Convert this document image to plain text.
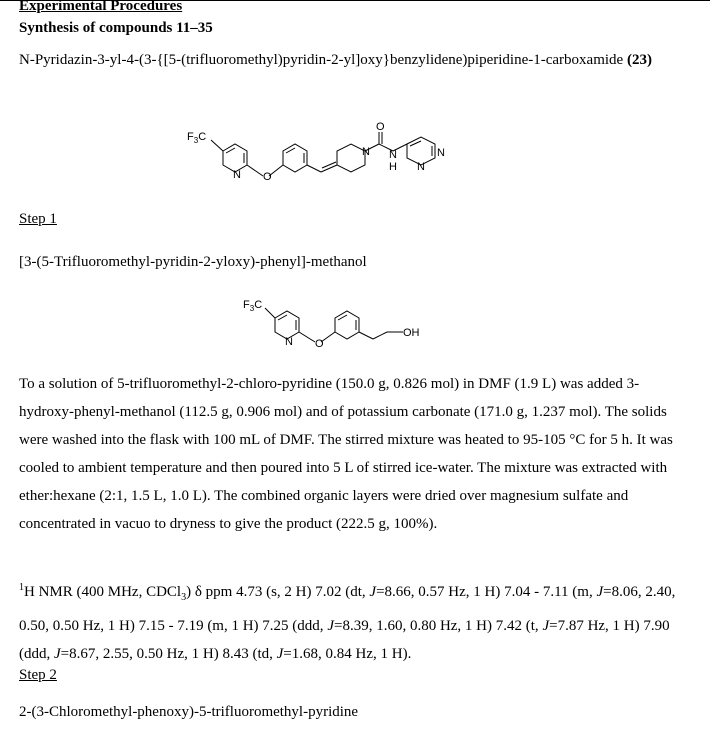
Experimental Procedures
Synthesis of compounds 11–35
N-Pyridazin-3-yl-4-(3-{[5-(trifluoromethyl)pyridin-2-yl]oxy}benzylidene)piperidine-1-carboxamide (23)
$F_3C$
N O
N
O
N
H N
N
Step 1
[3-(5-Trifluoromethyl-pyridin-2-yloxy)-phenyl]-methanol
$F_3C$
N O
OH
To a solution of 5-trifluoromethyl-2-chloro-pyridine (150.0 g, 0.826 mol) in DMF (1.9 L) was added 3-hydroxy-phenyl-methanol (112.5 g, 0.906 mol) and of potassium carbonate (171.0 g, 1.237 mol). The solids were washed into the flask with 100 mL of DMF. The stirred mixture was heated to 95-105 °C for 5 h. It was cooled to ambient temperature and then poured into 5 L of stirred ice-water. The mixture was extracted with ether:hexane (2:1, 1.5 L, 1.0 L). The combined organic layers were dried over magnesium sulfate and concentrated in vacuo to dryness to give the product (222.5 g, 100%).
$^1$H NMR (400 MHz, CDCl$_3$) δ ppm 4.73 (s, 2 H) 7.02 (dt, J=8.66, 0.57 Hz, 1 H) 7.04 - 7.11 (m, J=8.06, 2.40, 0.50, 0.50 Hz, 1 H) 7.15 - 7.19 (m, 1 H) 7.25 (ddd, J=8.39, 1.60, 0.80 Hz, 1 H) 7.42 (t, J=7.87 Hz, 1 H) 7.90 (ddd, J=8.67, 2.55, 0.50 Hz, 1 H) 8.43 (td, J=1.68, 0.84 Hz, 1 H).
Step 2
2-(3-Chloromethyl-phenoxy)-5-trifluoromethyl-pyridine
